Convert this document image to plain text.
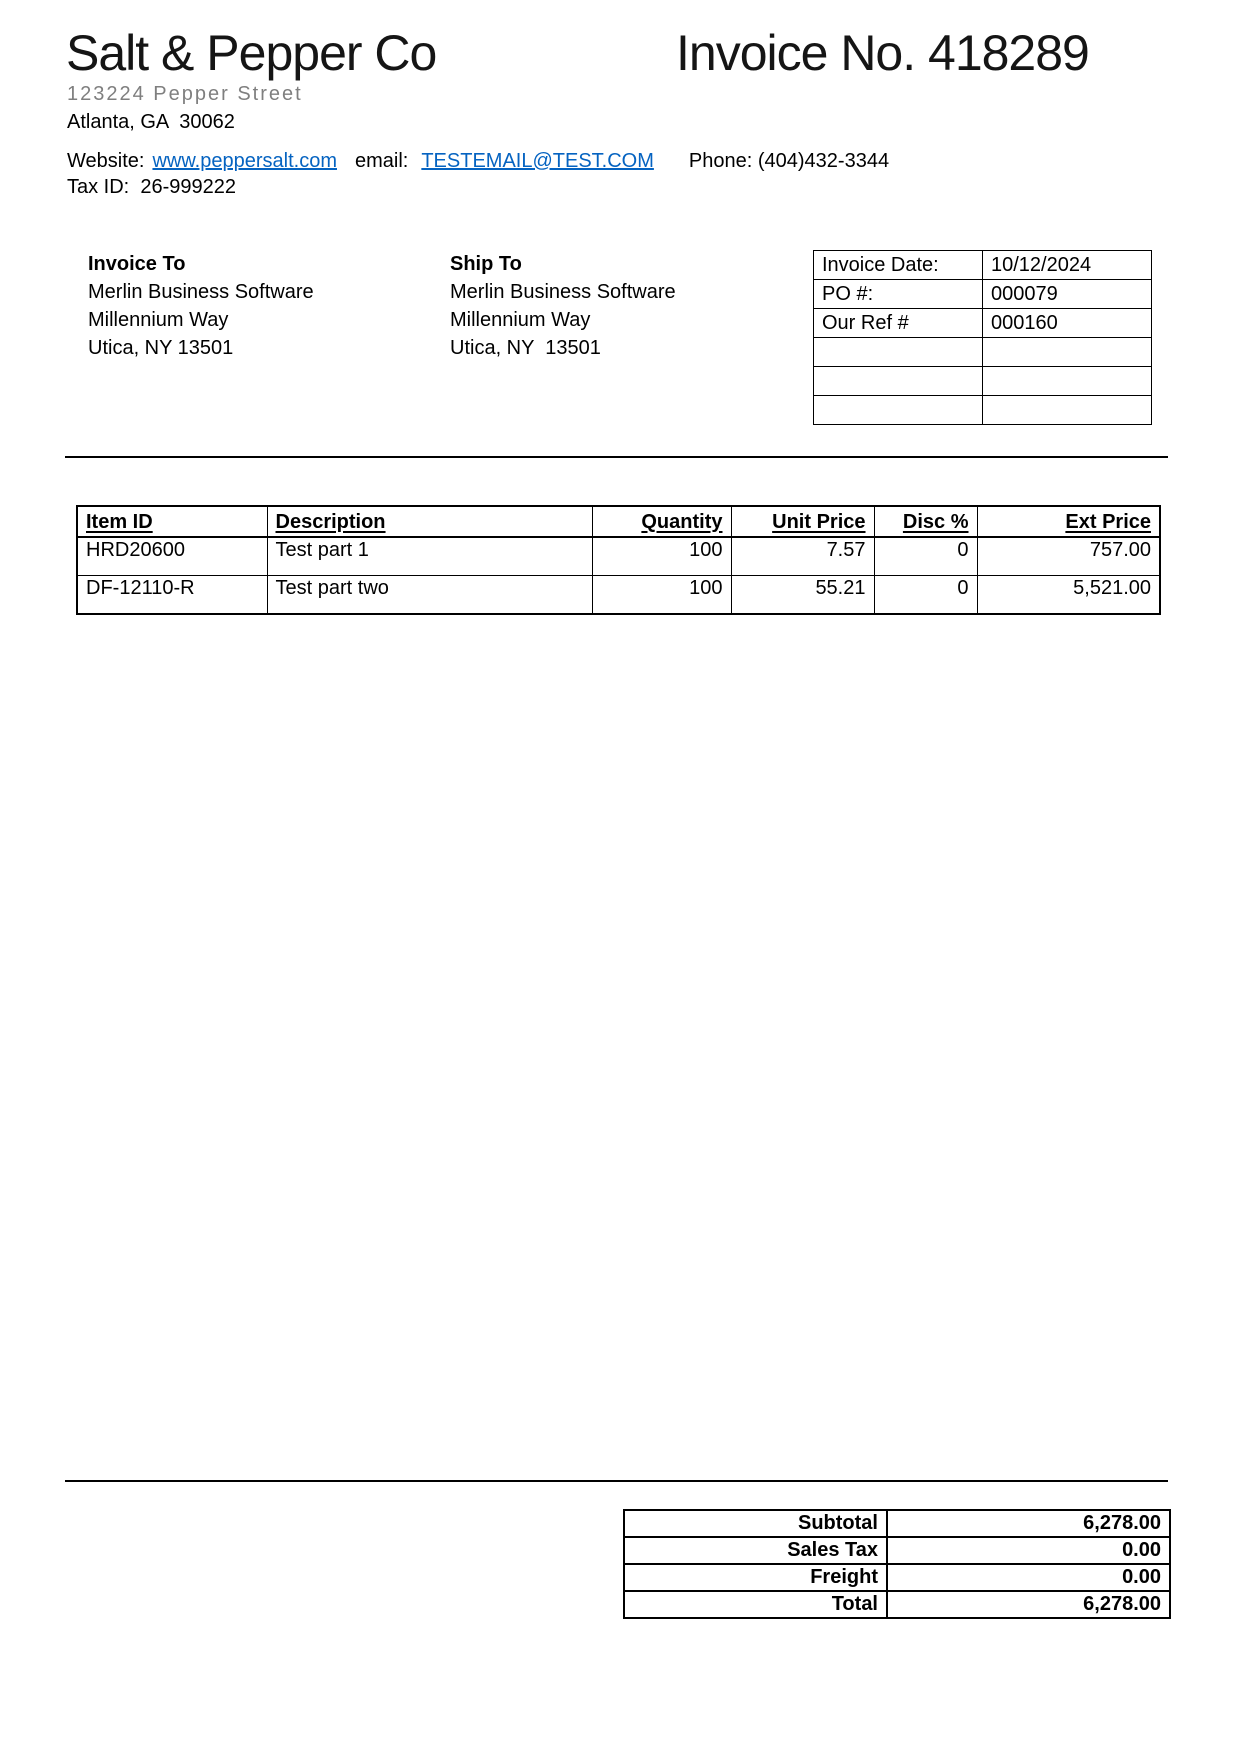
Salt & Pepper Co	Invoice No. 418289
123224 Pepper Street
Atlanta, GA  30062
Website: www.peppersalt.com email: TESTEMAIL@TEST.COM Phone: (404)432-3344
Tax ID:  26-999222
Invoice To
Merlin Business Software
Millennium Way
Utica, NY 13501
Ship To
Merlin Business Software
Millennium Way
Utica, NY  13501
Invoice Date:	10/12/2024
PO #:	000079
Our Ref #	000160

Item ID	Description	Quantity	Unit Price	Disc %	Ext Price
HRD20600	Test part 1	100	7.57	0	757.00
DF-12110-R	Test part two	100	55.21	0	5,521.00
Subtotal	6,278.00
Sales Tax	0.00
Freight	0.00
Total	6,278.00
